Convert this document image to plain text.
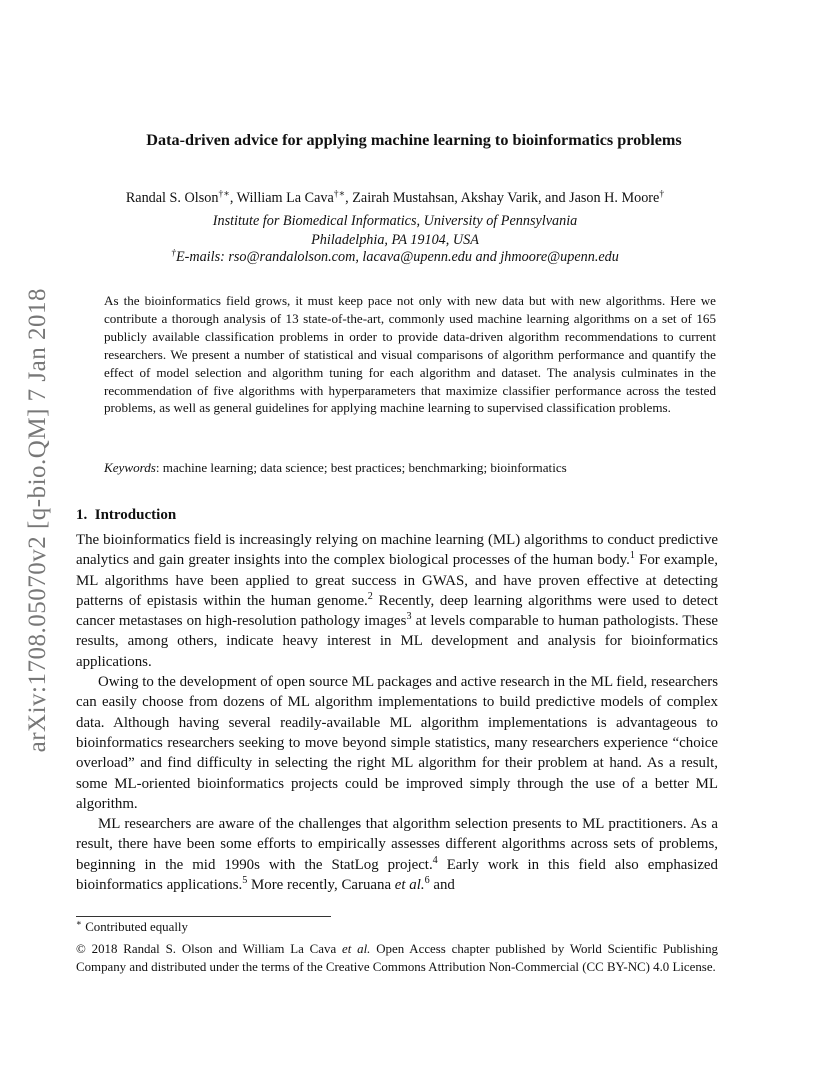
arXiv:1708.05070v2 [q-bio.QM] 7 Jan 2018
Data-driven advice for applying machine learning to bioinformatics problems
Randal S. Olson†∗, William La Cava†∗, Zairah Mustahsan, Akshay Varik, and Jason H. Moore†
Institute for Biomedical Informatics, University of Pennsylvania
Philadelphia, PA 19104, USA
†E-mails: rso@randalolson.com, lacava@upenn.edu and jhmoore@upenn.edu
As the bioinformatics field grows, it must keep pace not only with new data but with new algorithms. Here we contribute a thorough analysis of 13 state-of-the-art, commonly used machine learning algorithms on a set of 165 publicly available classification problems in order to provide data-driven algorithm recommendations to current researchers. We present a number of statistical and visual comparisons of algorithm performance and quantify the effect of model selection and algorithm tuning for each algorithm and dataset. The analysis culminates in the recommendation of five algorithms with hyperparameters that maximize classifier performance across the tested problems, as well as general guidelines for applying machine learning to supervised classification problems.
Keywords: machine learning; data science; best practices; benchmarking; bioinformatics
1. Introduction

The bioinformatics field is increasingly relying on machine learning (ML) algorithms to conduct predictive analytics and gain greater insights into the complex biological processes of the human body.$^1$ For example, ML algorithms have been applied to great success in GWAS, and have proven effective at detecting patterns of epistasis within the human genome.$^2$ Recently, deep learning algorithms were used to detect cancer metastases on high-resolution pathology images$^3$ at levels comparable to human pathologists. These results, among others, indicate heavy interest in ML development and analysis for bioinformatics applications.

Owing to the development of open source ML packages and active research in the ML field, researchers can easily choose from dozens of ML algorithm implementations to build predictive models of complex data. Although having several readily-available ML algorithm implementations is advantageous to bioinformatics researchers seeking to move beyond simple statistics, many researchers experience “choice overload” and find difficulty in selecting the right ML algorithm for their problem at hand. As a result, some ML-oriented bioinformatics projects could be improved simply through the use of a better ML algorithm.

ML researchers are aware of the challenges that algorithm selection presents to ML practitioners. As a result, there have been some efforts to empirically assesses different algorithms across sets of problems, beginning in the mid 1990s with the StatLog project.$^4$ Early work in this field also emphasized bioinformatics applications.$^5$ More recently, Caruana et al.$^6$ and

∗ Contributed equally
© 2018 Randal S. Olson and William La Cava et al. Open Access chapter published by World Scientific Publishing Company and distributed under the terms of the Creative Commons Attribution Non-Commercial (CC BY-NC) 4.0 License.
